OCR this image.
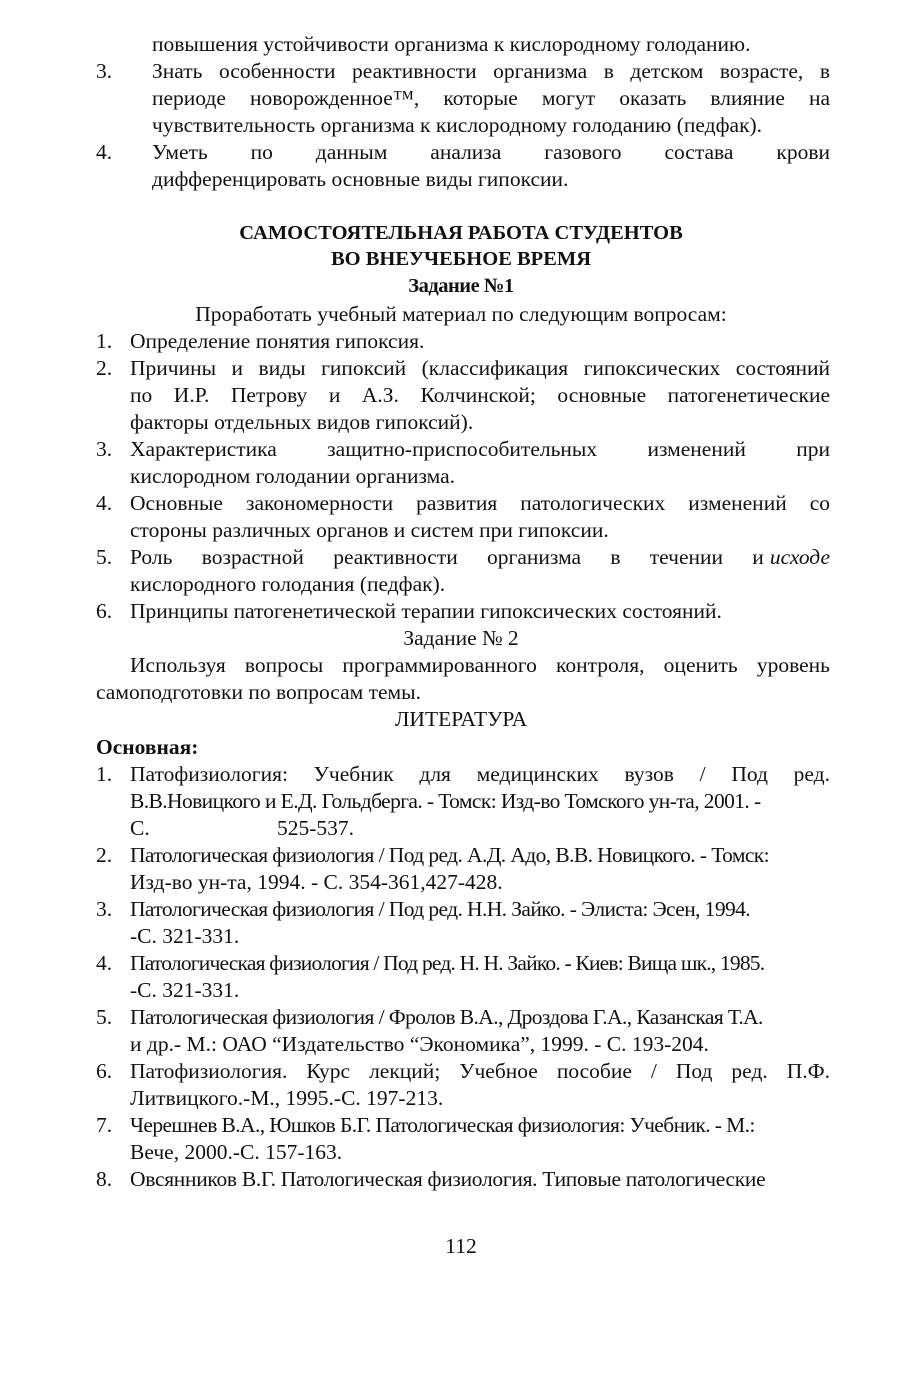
повышения устойчивости организма к кислородному голоданию.
3. Знать особенности реактивности организма в детском возрасте, в
периоде новорожденное™, которые могут оказать влияние на
чувствительность организма к кислородному голоданию (педфак).
4. Уметь по данным анализа газового состава крови
дифференцировать основные виды гипоксии.
САМОСТОЯТЕЛЬНАЯ РАБОТА СТУДЕНТОВ
ВО ВНЕУЧЕБНОЕ ВРЕМЯ
Задание №1
Проработать учебный материал по следующим вопросам:
1. Определение понятия гипоксия.
2. Причины и виды гипоксий (классификация гипоксических состояний
по И.Р. Петрову и А.З. Колчинской; основные патогенетические
факторы отдельных видов гипоксий).
3. Характеристика защитно-приспособительных изменений при
кислородном голодании организма.
4. Основные закономерности развития патологических изменений со
стороны различных органов и систем при гипоксии.
5. Роль возрастной реактивности организма в течении и исходе
кислородного голодания (педфак).
6. Принципы патогенетической терапии гипоксических состояний.
Задание № 2
Используя вопросы программированного контроля, оценить уровень
самоподготовки по вопросам темы.
ЛИТЕРАТУРА
Основная:
1. Патофизиология: Учебник для медицинских вузов / Под ред.
В.В.Новицкого и Е.Д. Гольдберга. - Томск: Изд-во Томского ун-та, 2001. -
С.	525-537.
2. Патологическая физиология / Под ред. А.Д. Адо, В.В. Новицкого. - Томск:
Изд-во ун-та, 1994. - С. 354-361,427-428.
3. Патологическая физиология / Под ред. Н.Н. Зайко. - Элиста: Эсен, 1994.
-С. 321-331.
4. Патологическая физиология / Под ред. Н. Н. Зайко. - Киев: Вища шк., 1985.
-С. 321-331.
5. Патологическая физиология / Фролов В.А., Дроздова Г.А., Казанская Т.А.
и др.- М.: ОАО “Издательство “Экономика”, 1999. - С. 193-204.
6. Патофизиология. Курс лекций; Учебное пособие / Под ред. П.Ф.
Литвицкого.-М., 1995.-С. 197-213.
7. Черешнев В.А., Юшков Б.Г. Патологическая физиология: Учебник. - М.:
Вече, 2000.-С. 157-163.
8. Овсянников В.Г. Патологическая физиология. Типовые патологические
112
